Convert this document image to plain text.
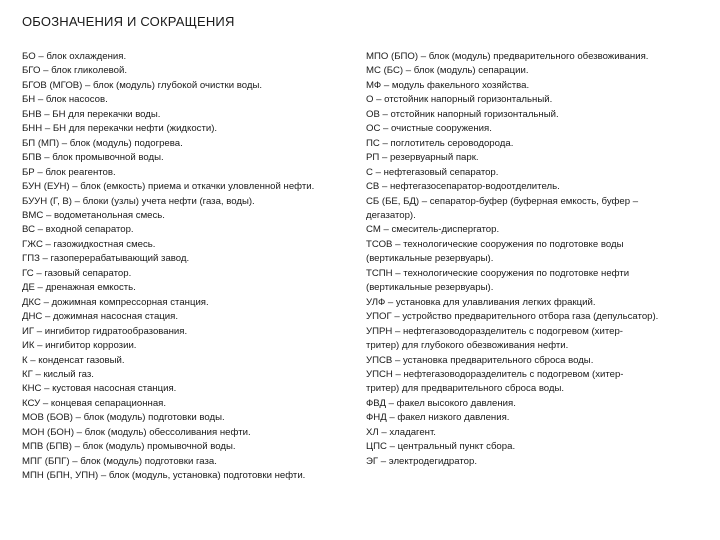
ОБОЗНАЧЕНИЯ И СОКРАЩЕНИЯ
БО – блок охлаждения.
БГО – блок гликолевой.
БГОВ (МГОВ) – блок (модуль) глубокой очистки воды.
БН – блок насосов.
БНВ – БН для перекачки воды.
БНН – БН для перекачки нефти (жидкости).
БП (МП) – блок (модуль) подогрева.
БПВ – блок промывочной воды.
БР – блок реагентов.
БУН (ЕУН) – блок (емкость) приема и откачки уловленной нефти.
БУУН (Г, В) – блоки (узлы) учета нефти (газа, воды).
ВМС – водометанольная смесь.
ВС – входной сепаратор.
ГЖС – газожидкостная смесь.
ГПЗ – газоперерабатывающий завод.
ГС – газовый сепаратор.
ДЕ – дренажная емкость.
ДКС – дожимная компрессорная станция.
ДНС – дожимная насосная стация.
ИГ – ингибитор гидратообразования.
ИК – ингибитор коррозии.
К – конденсат газовый.
КГ – кислый газ.
КНС – кустовая насосная станция.
КСУ – концевая сепарационная.
МОВ (БОВ) – блок (модуль) подготовки воды.
МОН (БОН) – блок (модуль) обессоливания нефти.
МПВ (БПВ) – блок (модуль) промывочной воды.
МПГ (БПГ) – блок (модуль) подготовки газа.
МПН (БПН, УПН) – блок (модуль, установка) подготовки нефти.
МПО (БПО) – блок (модуль) предварительного обезвоживания.
МС (БС) – блок (модуль) сепарации.
МФ – модуль факельного хозяйства.
О – отстойник напорный горизонтальный.
ОВ – отстойник напорный горизонтальный.
ОС – очистные сооружения.
ПС – поглотитель сероводорода.
РП – резервуарный парк.
С – нефтегазовый сепаратор.
СВ – нефтегазосепаратор-водоотделитель.
СБ (БЕ, БД) – сепаратор-буфер (буферная емкость, буфер –
дегазатор).
СМ – смеситель-диспергатор.
ТСОВ – технологические сооружения по подготовке воды
(вертикальные резервуары).
ТСПН – технологические сооружения по подготовке нефти
(вертикальные резервуары).
УЛФ – установка для улавливания легких фракций.
УПОГ – устройство предварительного отбора газа (депульсатор).
УПРН – нефтегазоводоразделитель с подогревом (хитер-
тритер) для глубокого обезвоживания нефти.
УПСВ – установка предварительного сброса воды.
УПСН – нефтегазоводоразделитель с подогревом (хитер-
тритер) для предварительного сброса воды.
ФВД – факел высокого давления.
ФНД – факел низкого давления.
ХЛ – хладагент.
ЦПС – центральный пункт сбора.
ЭГ – электродегидратор.
